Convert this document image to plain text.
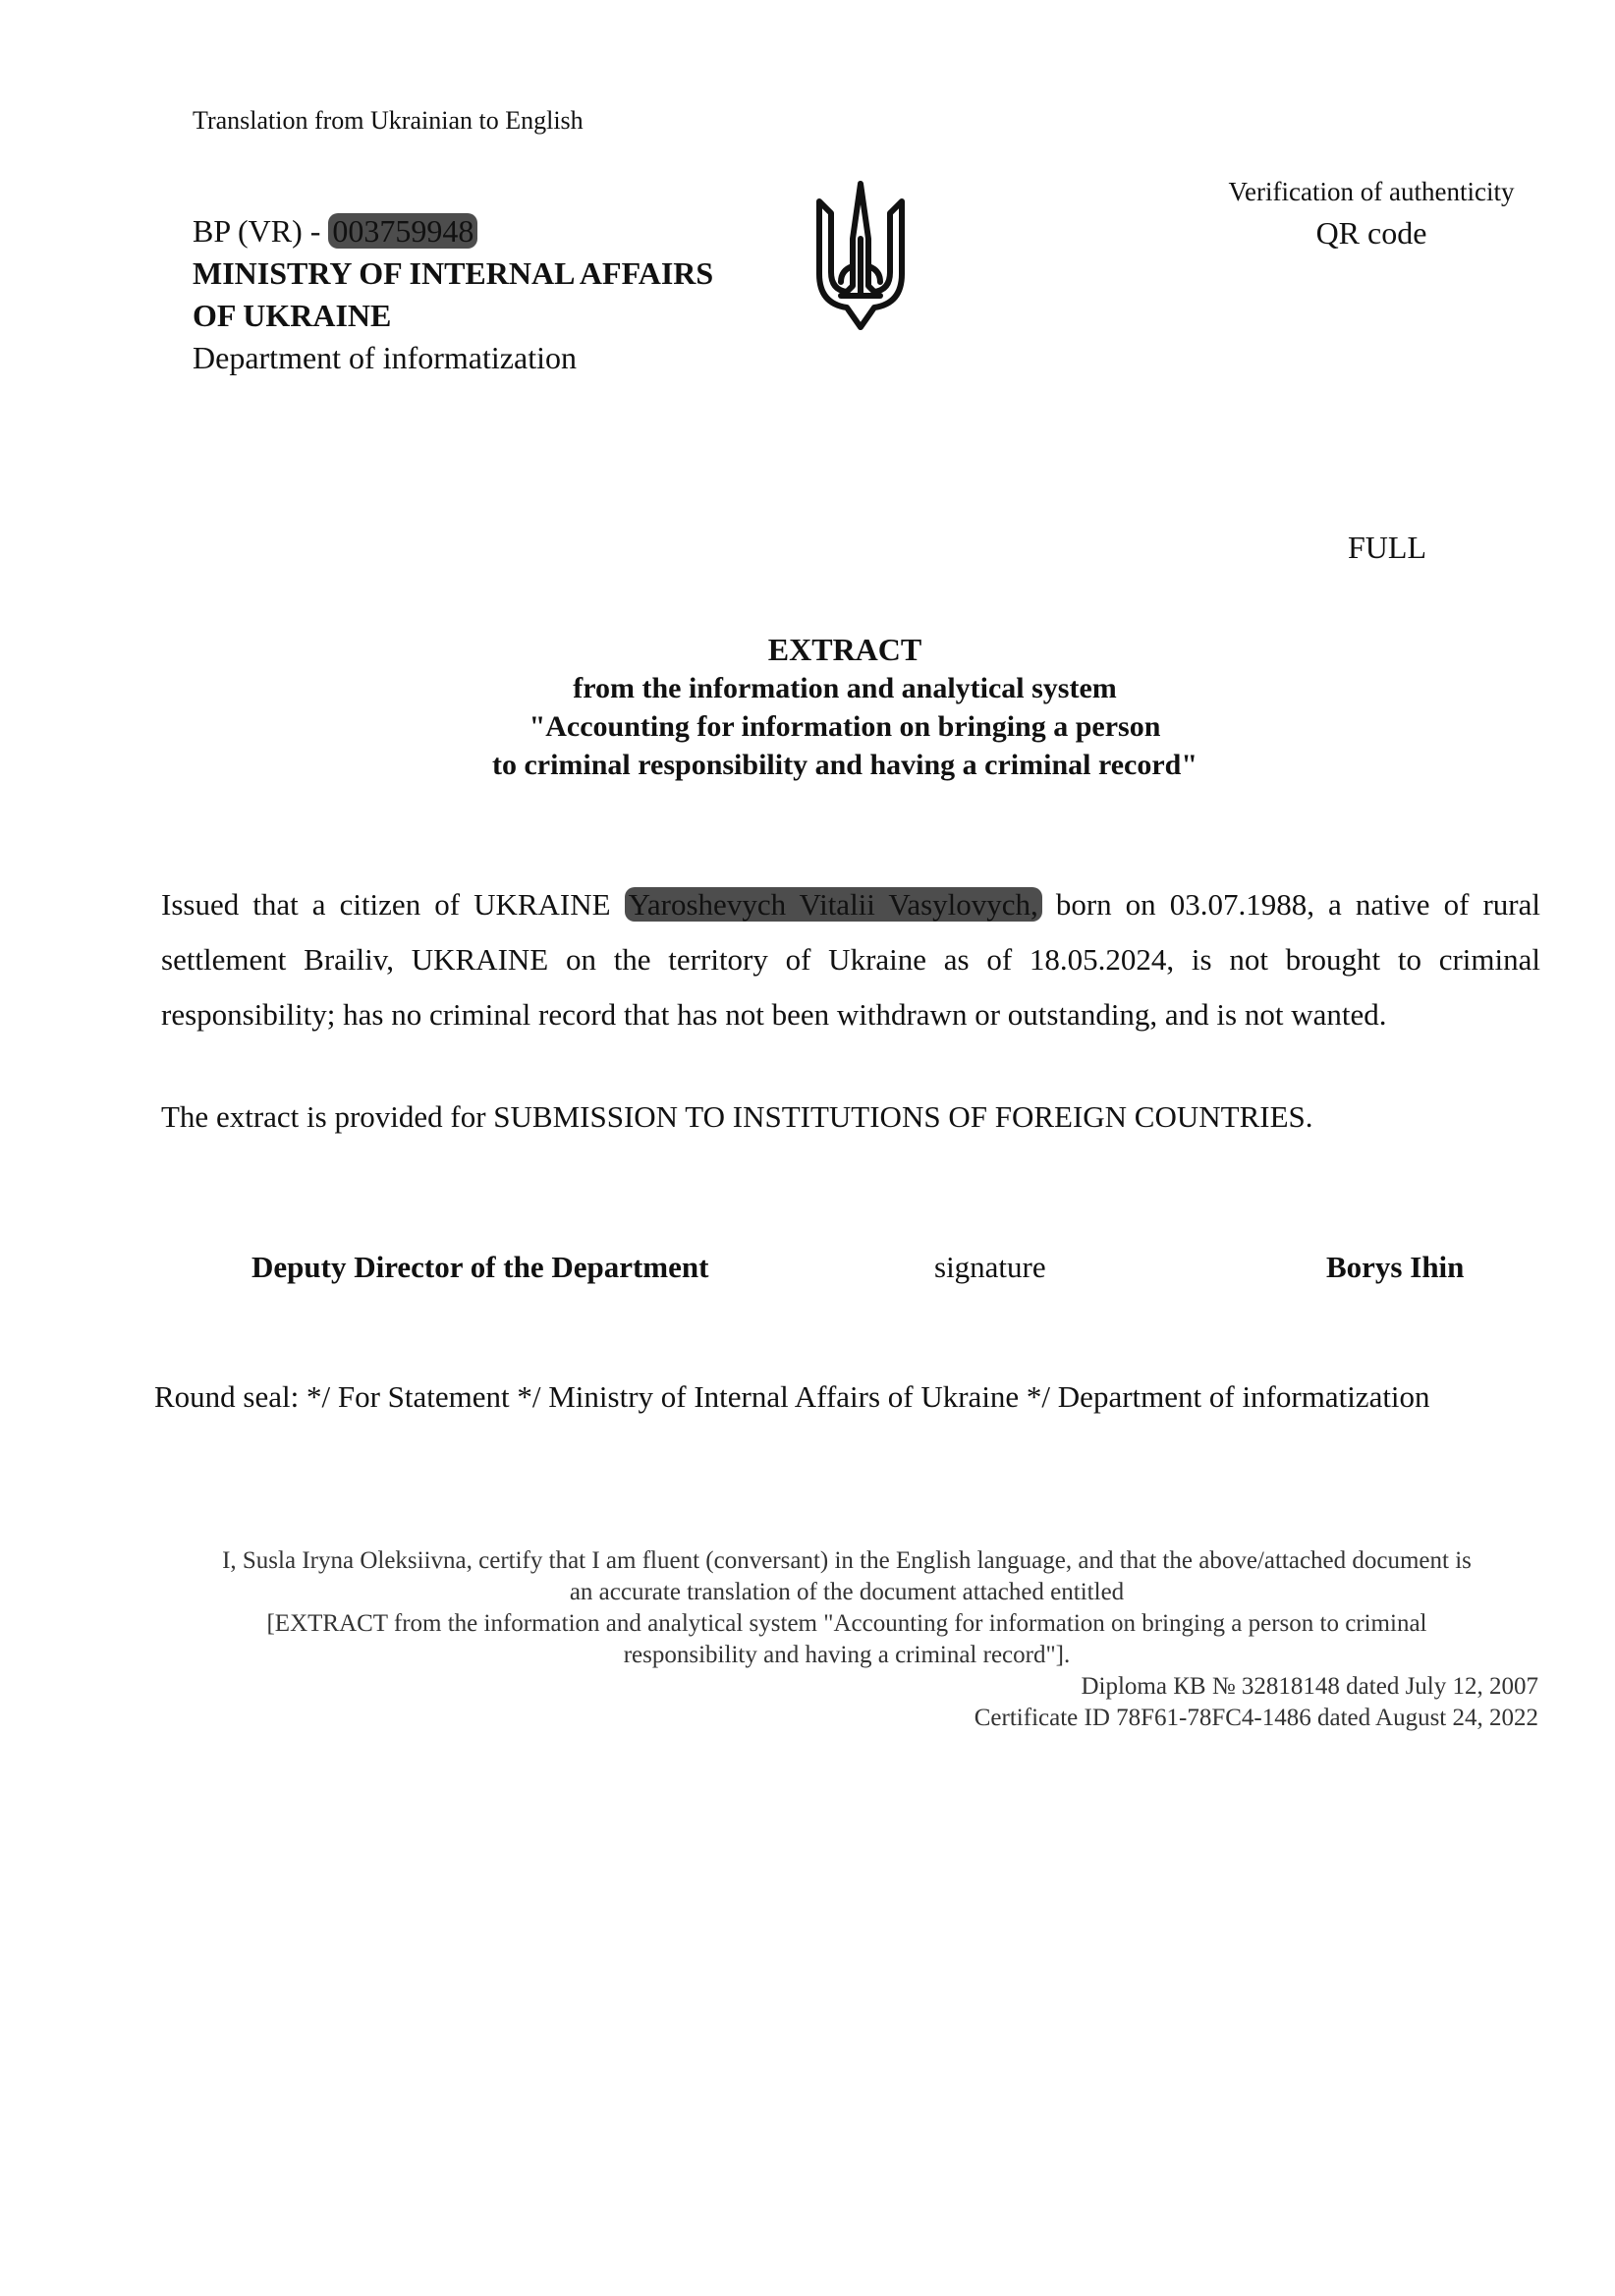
Translation from Ukrainian to English
BP (VR) - 003759948
MINISTRY OF INTERNAL AFFAIRS
OF UKRAINE
Department of informatization
Verification of authenticity
QR code
FULL
EXTRACT
from the information and analytical system
"Accounting for information on bringing a person
to criminal responsibility and having a criminal record"
Issued that a citizen of UKRAINE Yaroshevych Vitalii Vasylovych, born on 03.07.1988, a native of rural settlement Brailiv, UKRAINE on the territory of Ukraine as of 18.05.2024, is not brought to criminal responsibility; has no criminal record that has not been withdrawn or outstanding, and is not wanted.
The extract is provided for SUBMISSION TO INSTITUTIONS OF FOREIGN COUNTRIES.
Deputy Director of the Department	signature	Borys Ihin
Round seal: */ For Statement */ Ministry of Internal Affairs of Ukraine */ Department of informatization
I, Susla Iryna Oleksiivna, certify that I am fluent (conversant) in the English language, and that the above/attached document is
an accurate translation of the document attached entitled
[EXTRACT from the information and analytical system "Accounting for information on bringing a person to criminal
responsibility and having a criminal record"].
Diploma КВ № 32818148 dated July 12, 2007
Certificate ID 78F61-78FC4-1486 dated August 24, 2022
